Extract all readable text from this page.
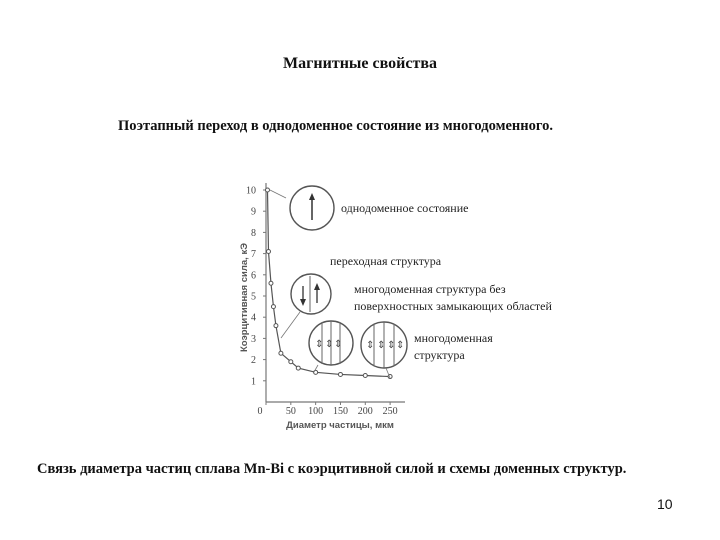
Магнитные свойства
Поэтапный переход в однодоменное состояние из многодоменного.
1
2
3
4
5
6
7
8
9
10
0 50 100 150 200 250
Коэрцитивная сила, кЭ
Диаметр частицы, мкм
⇕ ⇕ ⇕ ⇕ ⇕ ⇕ ⇕
однодоменное состояние
переходная структура
многодоменная структура без
поверхностных замыкающих областей
многодоменная
структура
Связь диаметра частиц сплава Mn-Bi с коэрцитивной силой и схемы доменных структур.
10
